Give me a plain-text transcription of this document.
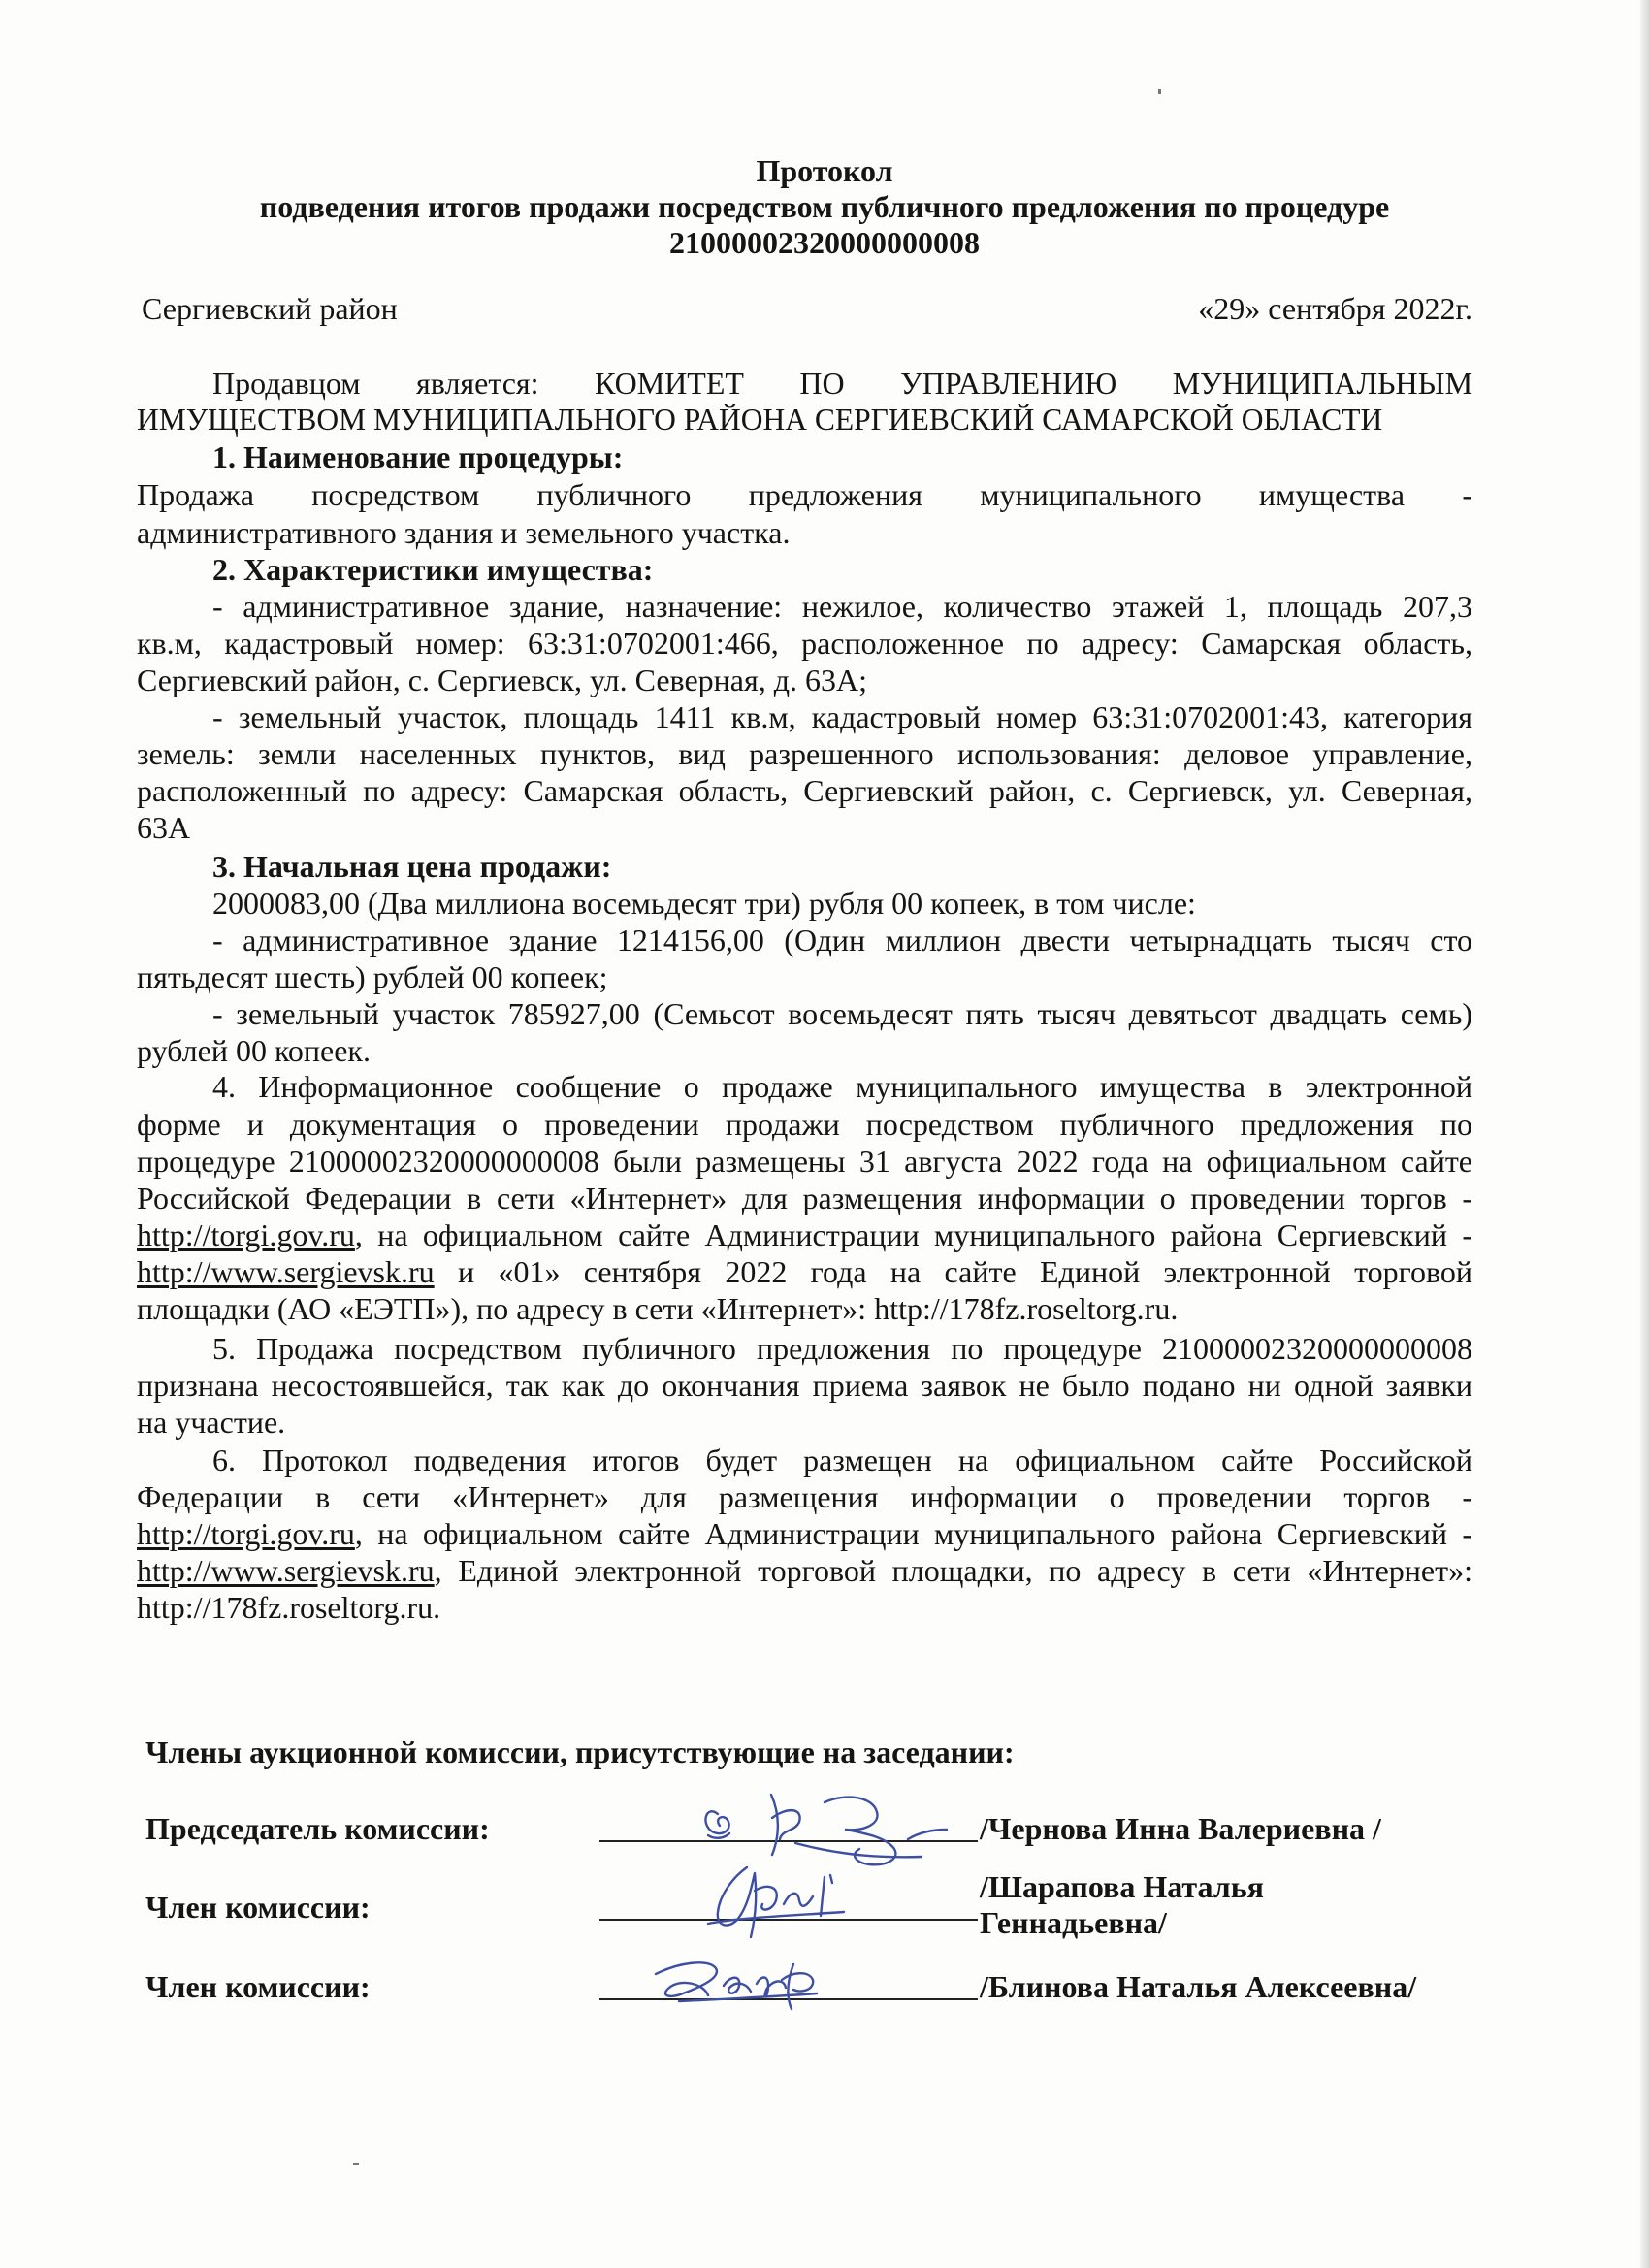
Протокол
подведения итогов продажи посредством публичного предложения по процедуре
21000002320000000008
Сергиевский район	«29» сентября 2022г.
Продавцом является: КОМИТЕТ ПО УПРАВЛЕНИЮ МУНИЦИПАЛЬНЫМ
ИМУЩЕСТВОМ МУНИЦИПАЛЬНОГО РАЙОНА СЕРГИЕВСКИЙ САМАРСКОЙ ОБЛАСТИ
1. Наименование процедуры:
Продажа посредством публичного предложения муниципального имущества -
административного здания и земельного участка.
2. Характеристики имущества:
- административное здание, назначение: нежилое, количество этажей 1, площадь 207,3
кв.м, кадастровый номер: 63:31:0702001:466, расположенное по адресу: Самарская область,
Сергиевский район, с. Сергиевск, ул. Северная, д. 63А;
- земельный участок, площадь 1411 кв.м, кадастровый номер 63:31:0702001:43, категория
земель: земли населенных пунктов, вид разрешенного использования: деловое управление,
расположенный по адресу: Самарская область, Сергиевский район, с. Сергиевск, ул. Северная,
63А
3. Начальная цена продажи:
2000083,00 (Два миллиона восемьдесят три) рубля 00 копеек, в том числе:
- административное здание 1214156,00 (Один миллион двести четырнадцать тысяч сто
пятьдесят шесть) рублей 00 копеек;
- земельный участок 785927,00 (Семьсот восемьдесят пять тысяч девятьсот двадцать семь)
рублей 00 копеек.
4. Информационное сообщение о продаже муниципального имущества в электронной
форме и документация о проведении продажи посредством публичного предложения по
процедуре 21000002320000000008 были размещены 31 августа 2022 года на официальном сайте
Российской Федерации в сети «Интернет» для размещения информации о проведении торгов -
http://torgi.gov.ru, на официальном сайте Администрации муниципального района Сергиевский -
http://www.sergievsk.ru и «01» сентября 2022 года на сайте Единой электронной торговой
площадки (АО «ЕЭТП»), по адресу в сети «Интернет»: http://178fz.roseltorg.ru.
5. Продажа посредством публичного предложения по процедуре 21000002320000000008
признана несостоявшейся, так как до окончания приема заявок не было подано ни одной заявки
на участие.
6. Протокол подведения итогов будет размещен на официальном сайте Российской
Федерации в сети «Интернет» для размещения информации о проведении торгов -
http://torgi.gov.ru, на официальном сайте Администрации муниципального района Сергиевский -
http://www.sergievsk.ru, Единой электронной торговой площадки, по адресу в сети «Интернет»:
http://178fz.roseltorg.ru.
Члены аукционной комиссии, присутствующие на заседании:
Председатель комиссии:	/Чернова Инна Валериевна /
Член комиссии:
/Шарапова Наталья
Геннадьевна/
Член комиссии:	/Блинова Наталья Алексеевна/
